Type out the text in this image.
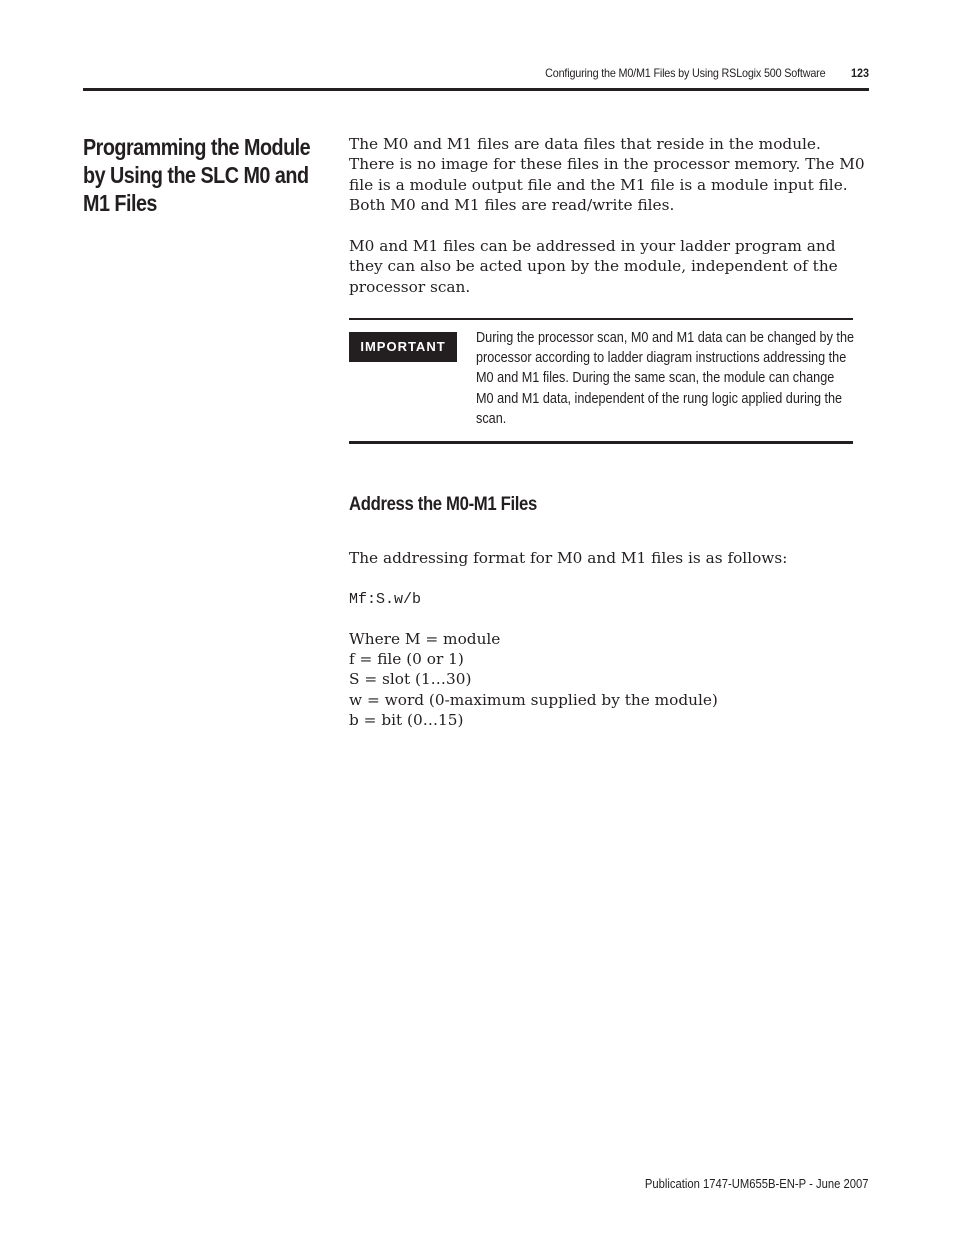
Configuring the M0/M1 Files by Using RSLogix 500 Software 123
Programming the Module by Using the SLC M0 and M1 Files
The M0 and M1 files are data files that reside in the module. There is no image for these files in the processor memory. The M0 file is a module output file and the M1 file is a module input file. Both M0 and M1 files are read/write files.
M0 and M1 files can be addressed in your ladder program and they can also be acted upon by the module, independent of the processor scan.
IMPORTANT
During the processor scan, M0 and M1 data can be changed by the processor according to ladder diagram instructions addressing the M0 and M1 files. During the same scan, the module can change M0 and M1 data, independent of the rung logic applied during the scan.
Address the M0-M1 Files
The addressing format for M0 and M1 files is as follows:
Mf:S.w/b
Where M = module
f = file (0 or 1)
S = slot (1…30)
w = word (0-maximum supplied by the module)
b = bit (0…15)
Publication 1747-UM655B-EN-P - June 2007
